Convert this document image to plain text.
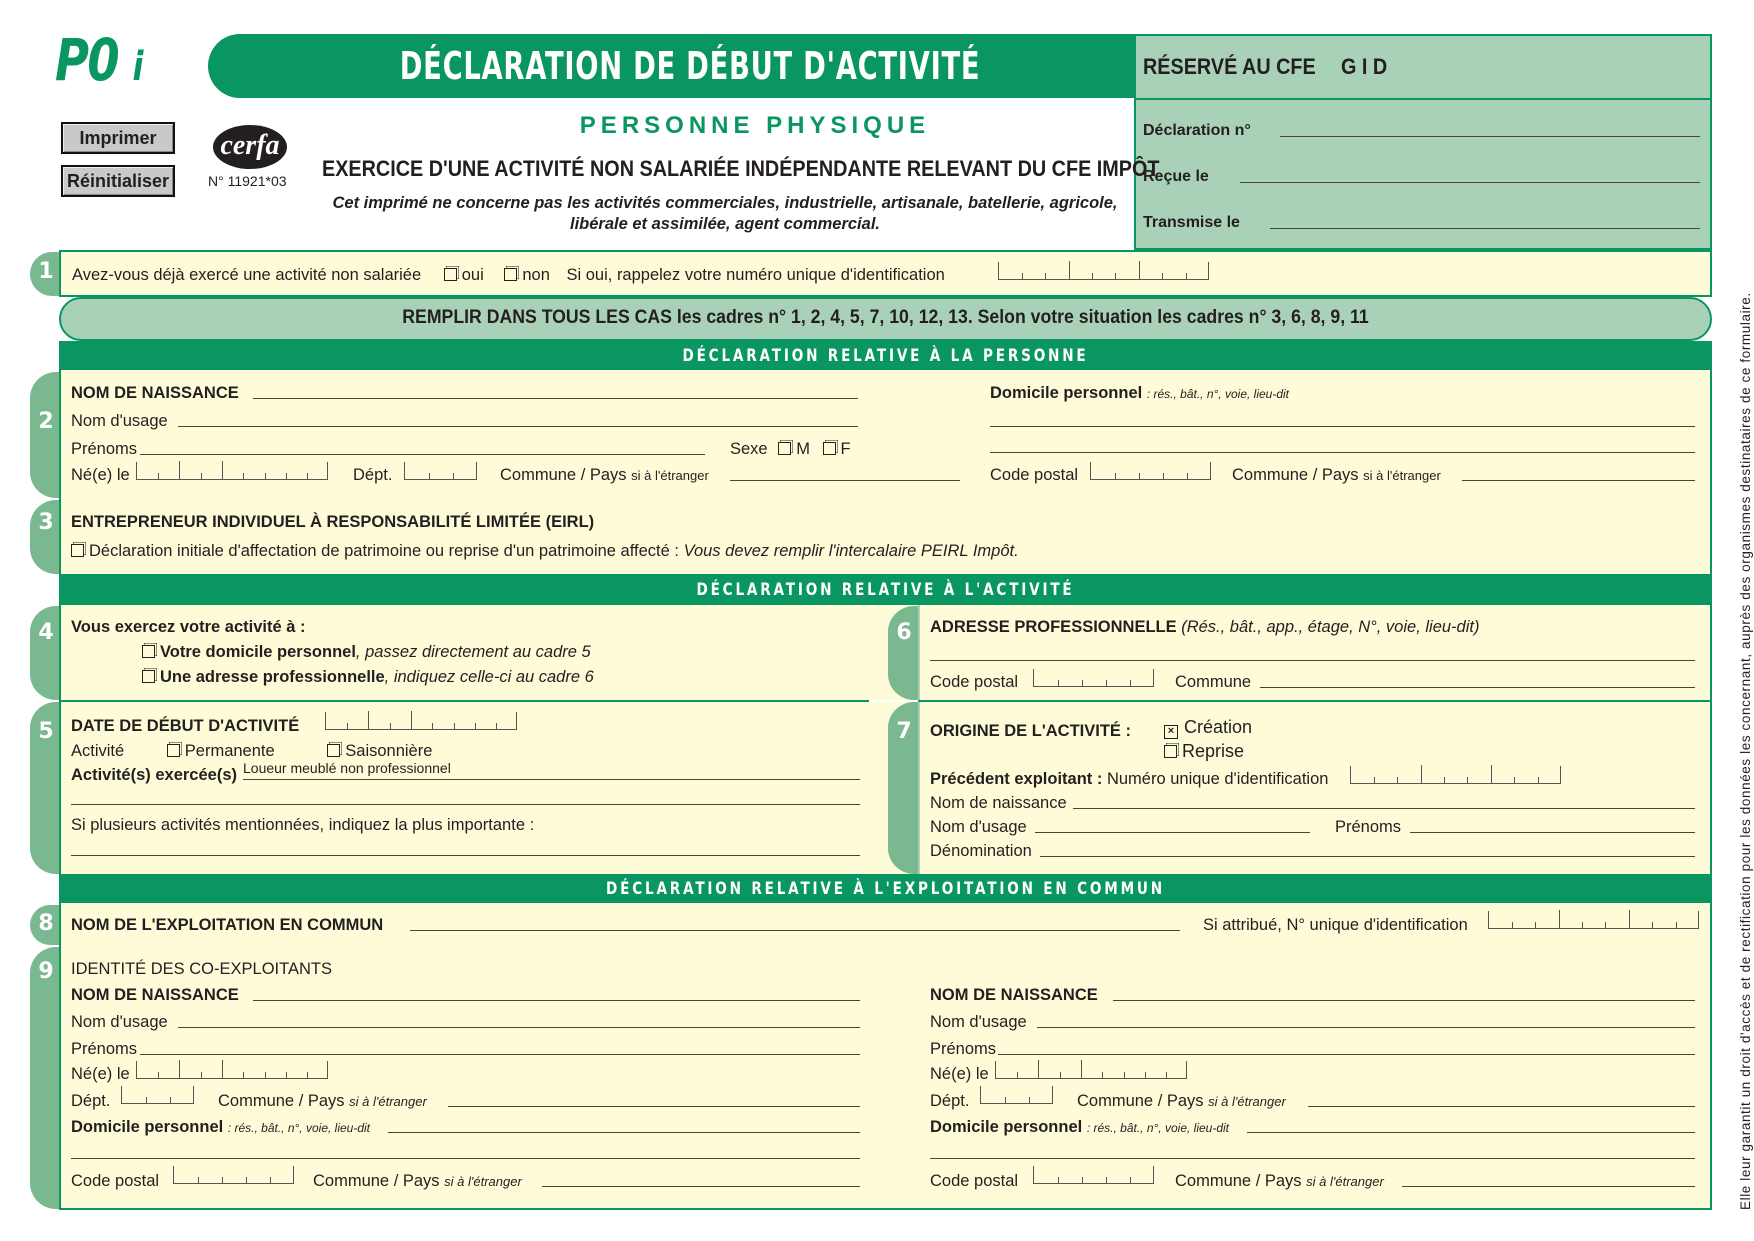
P0 i	DÉCLARATION DE DÉBUT D'ACTIVITÉ	RÉSERVÉ AU CFE G I D
Déclaration n°
Reçue le
Transmise le
Imprimer
Réinitialiser
cerfa
N° 11921*03
PERSONNE PHYSIQUE
EXERCICE D'UNE ACTIVITÉ NON SALARIÉE INDÉPENDANTE RELEVANT DU CFE IMPÔT
Cet imprimé ne concerne pas les activités commerciales, industrielle, artisanale, batellerie, agricole,
libérale et assimilée, agent commercial.
1	Avez-vous déjà exercé une activité non salariée oui non Si oui, rappelez votre numéro unique d'identification
REMPLIR DANS TOUS LES CAS les cadres n° 1, 2, 4, 5, 7, 10, 12, 13. Selon votre situation les cadres n° 3, 6, 8, 9, 11
DÉCLARATION RELATIVE À LA PERSONNE
2
NOM DE NAISSANCE
Nom d'usage
Prénoms	Sexe M F
Né(e) le	Dépt.	Commune / Pays si à l'étranger
Domicile personnel : rés., bât., n°, voie, lieu-dit
Code postal	Commune / Pays si à l'étranger
3	ENTREPRENEUR INDIVIDUEL À RESPONSABILITÉ LIMITÉE (EIRL)
Déclaration initiale d'affectation de patrimoine ou reprise d'un patrimoine affecté : Vous devez remplir l'intercalaire PEIRL Impôt.
DÉCLARATION RELATIVE À L'ACTIVITÉ
4	Vous exercez votre activité à :
Votre domicile personnel, passez directement au cadre 5
Une adresse professionnelle, indiquez celle-ci au cadre 6
6	ADRESSE PROFESSIONNELLE (Rés., bât., app., étage, N°, voie, lieu-dit)
Code postal	Commune
5	DATE DE DÉBUT D'ACTIVITÉ
Activité	Permanente	Saisonnière
Activité(s) exercée(s) Loueur meublé non professionnel
Si plusieurs activités mentionnées, indiquez la plus importante :
7	ORIGINE DE L'ACTIVITÉ :	× Création
Reprise
Précédent exploitant : Numéro unique d'identification
Nom de naissance
Nom d'usage	Prénoms
Dénomination
DÉCLARATION RELATIVE À L'EXPLOITATION EN COMMUN
8	NOM DE L'EXPLOITATION EN COMMUN	Si attribué, N° unique d'identification
9	IDENTITÉ DES CO-EXPLOITANTS
NOM DE NAISSANCE
Nom d'usage
Prénoms
Né(e) le
Dépt.	Commune / Pays si à l'étranger
Domicile personnel : rés., bât., n°, voie, lieu-dit
Code postal	Commune / Pays si à l'étranger
NOM DE NAISSANCE
Nom d'usage
Prénoms
Né(e) le
Dépt.	Commune / Pays si à l'étranger
Domicile personnel : rés., bât., n°, voie, lieu-dit
Code postal	Commune / Pays si à l'étranger	Elle leur garantit un droit d'accès et de rectification pour les données les concernant, auprès des organismes destinataires de ce formulaire.
